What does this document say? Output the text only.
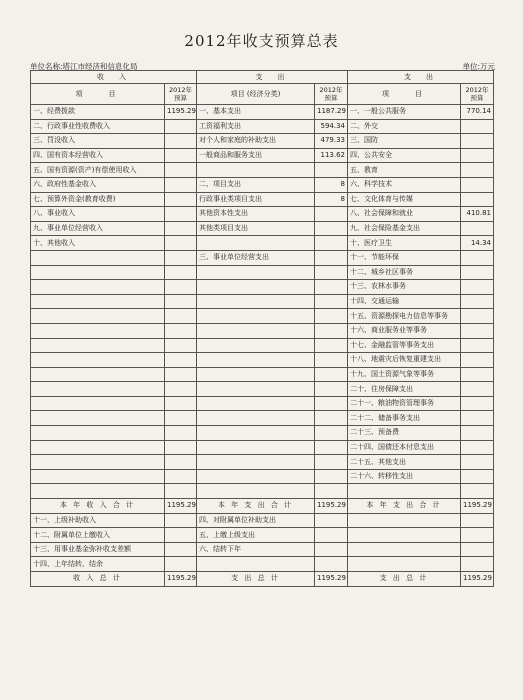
2012年收支预算总表
单位名称:塔江市经济和信息化局	单位:万元
收　入		支　出		支　出	
项　　目	2012年预算	项目 (经济分类)	2012年预算	项　　目	2012年预算
一、经费拨款	1195.29	一、基本支出	1187.29	一、一般公共服务	770.14
二、行政事业性收费收入		工资福利支出	594.34	二、外交	
三、罚没收入		对个人和家庭的补助支出	479.33	三、国防	
四、国有资本经营收入		一般商品和服务支出	113.62	四、公共安全	
五、国有资源(资产)有偿使用收入				五、教育	
六、政府性基金收入		二、项目支出	8	六、科学技术	
七、预算外资金(教育收费)		行政事业类项目支出	8	七、文化体育与传媒	
八、事业收入		其他资本性支出		八、社会保障和就业	410.81
九、事业单位经营收入		其他类项目支出		九、社会保险基金支出	
十、其他收入				十、医疗卫生	14.34
		三、事业单位经营支出		十一、节能环保	
				十二、城乡社区事务	
				十三、农林水事务	
				十四、交通运输	
				十五、资源勘探电力信息等事务	
				十六、商业服务业等事务	
				十七、金融监管等事务支出	
				十八、地震灾后恢复重建支出	
				十九、国土资源气象等事务	
				二十、住房保障支出	
				二十一、粮油物资管理事务	
				二十二、储备事务支出	
				二十三、预备费	
				二十四、国债还本付息支出	
				二十五、其他支出	
				二十六、转移性支出	

本 年 收 入 合 计	1195.29	本 年 支 出 合 计	1195.29	本 年 支 出 合 计	1195.29
十一、上级补助收入		四、对附属单位补助支出			
十二、附属单位上缴收入		五、上缴上级支出			
十三、用事业基金弥补收支差额		六、结转下年			
十四、上年结转、结余					
收 入 总 计	1195.29	支 出 总 计	1195.29	支 出 总 计	1195.29
